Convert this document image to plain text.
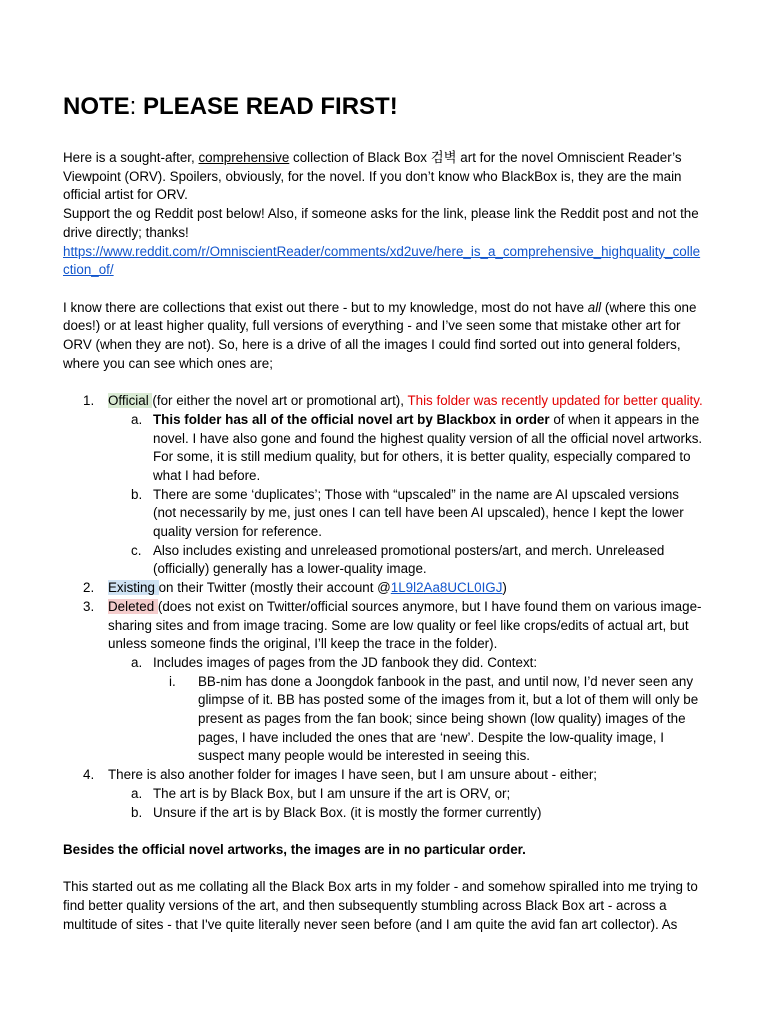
NOTE: PLEASE READ FIRST!
Here is a sought-after, comprehensive collection of Black Box 검벽 art for the novel Omniscient Reader’s Viewpoint (ORV). Spoilers, obviously, for the novel. If you don’t know who BlackBox is, they are the main official artist for ORV.
Support the og Reddit post below! Also, if someone asks for the link, please link the Reddit post and not the drive directly; thanks!
https://www.reddit.com/r/OmniscientReader/comments/xd2uve/here_is_a_comprehensive_highquality_collection_of/
I know there are collections that exist out there - but to my knowledge, most do not have all (where this one does!) or at least higher quality, full versions of everything - and I’ve seen some that mistake other art for ORV (when they are not). So, here is a drive of all the images I could find sorted out into general folders, where you can see which ones are;
1. Official (for either the novel art or promotional art), This folder was recently updated for better quality.
a. This folder has all of the official novel art by Blackbox in order of when it appears in the novel. I have also gone and found the highest quality version of all the official novel artworks. For some, it is still medium quality, but for others, it is better quality, especially compared to what I had before.
b. There are some ‘duplicates’; Those with “upscaled” in the name are AI upscaled versions (not necessarily by me, just ones I can tell have been AI upscaled), hence I kept the lower quality version for reference.
c. Also includes existing and unreleased promotional posters/art, and merch. Unreleased (officially) generally has a lower-quality image.
2. Existing on their Twitter (mostly their account @1L9l2Aa8UCL0IGJ)
3. Deleted (does not exist on Twitter/official sources anymore, but I have found them on various image-sharing sites and from image tracing. Some are low quality or feel like crops/edits of actual art, but unless someone finds the original, I’ll keep the trace in the folder).
a. Includes images of pages from the JD fanbook they did. Context:
i. BB-nim has done a Joongdok fanbook in the past, and until now, I’d never seen any glimpse of it. BB has posted some of the images from it, but a lot of them will only be present as pages from the fan book; since being shown (low quality) images of the pages, I have included the ones that are ‘new’. Despite the low-quality image, I suspect many people would be interested in seeing this.
4. There is also another folder for images I have seen, but I am unsure about - either;
a. The art is by Black Box, but I am unsure if the art is ORV, or;
b. Unsure if the art is by Black Box. (it is mostly the former currently)
Besides the official novel artworks, the images are in no particular order.
This started out as me collating all the Black Box arts in my folder - and somehow spiralled into me trying to find better quality versions of the art, and then subsequently stumbling across Black Box art - across a multitude of sites - that I've quite literally never seen before (and I am quite the avid fan art collector). As
